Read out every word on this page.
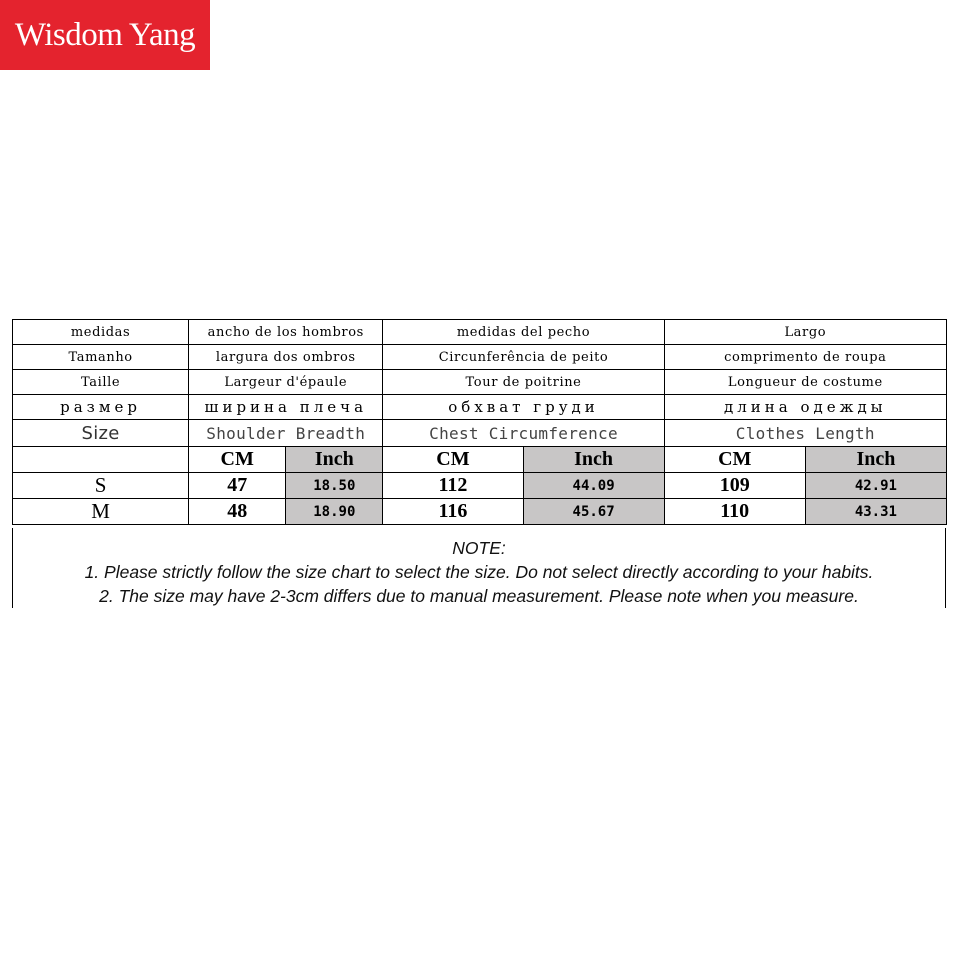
Wisdom Yang
medidas	ancho de los hombros		medidas del pecho		Largo	
Tamanho	largura dos ombros		Circunferência de peito		comprimento de roupa	
Taille	Largeur d'épaule		Tour de poitrine		Longueur de costume	
размер	ширина плеча		обхват груди		длина одежды	
Size	Shoulder Breadth		Chest Circumference		Clothes Length	
	CM	Inch	CM	Inch	CM	Inch
S	47	18.50	112	44.09	109	42.91
M	48	18.90	116	45.67	110	43.31
NOTE:
1. Please strictly follow the size chart to select the size. Do not select directly according to your habits.
2. The size may have 2-3cm differs due to manual measurement. Please note when you measure.
